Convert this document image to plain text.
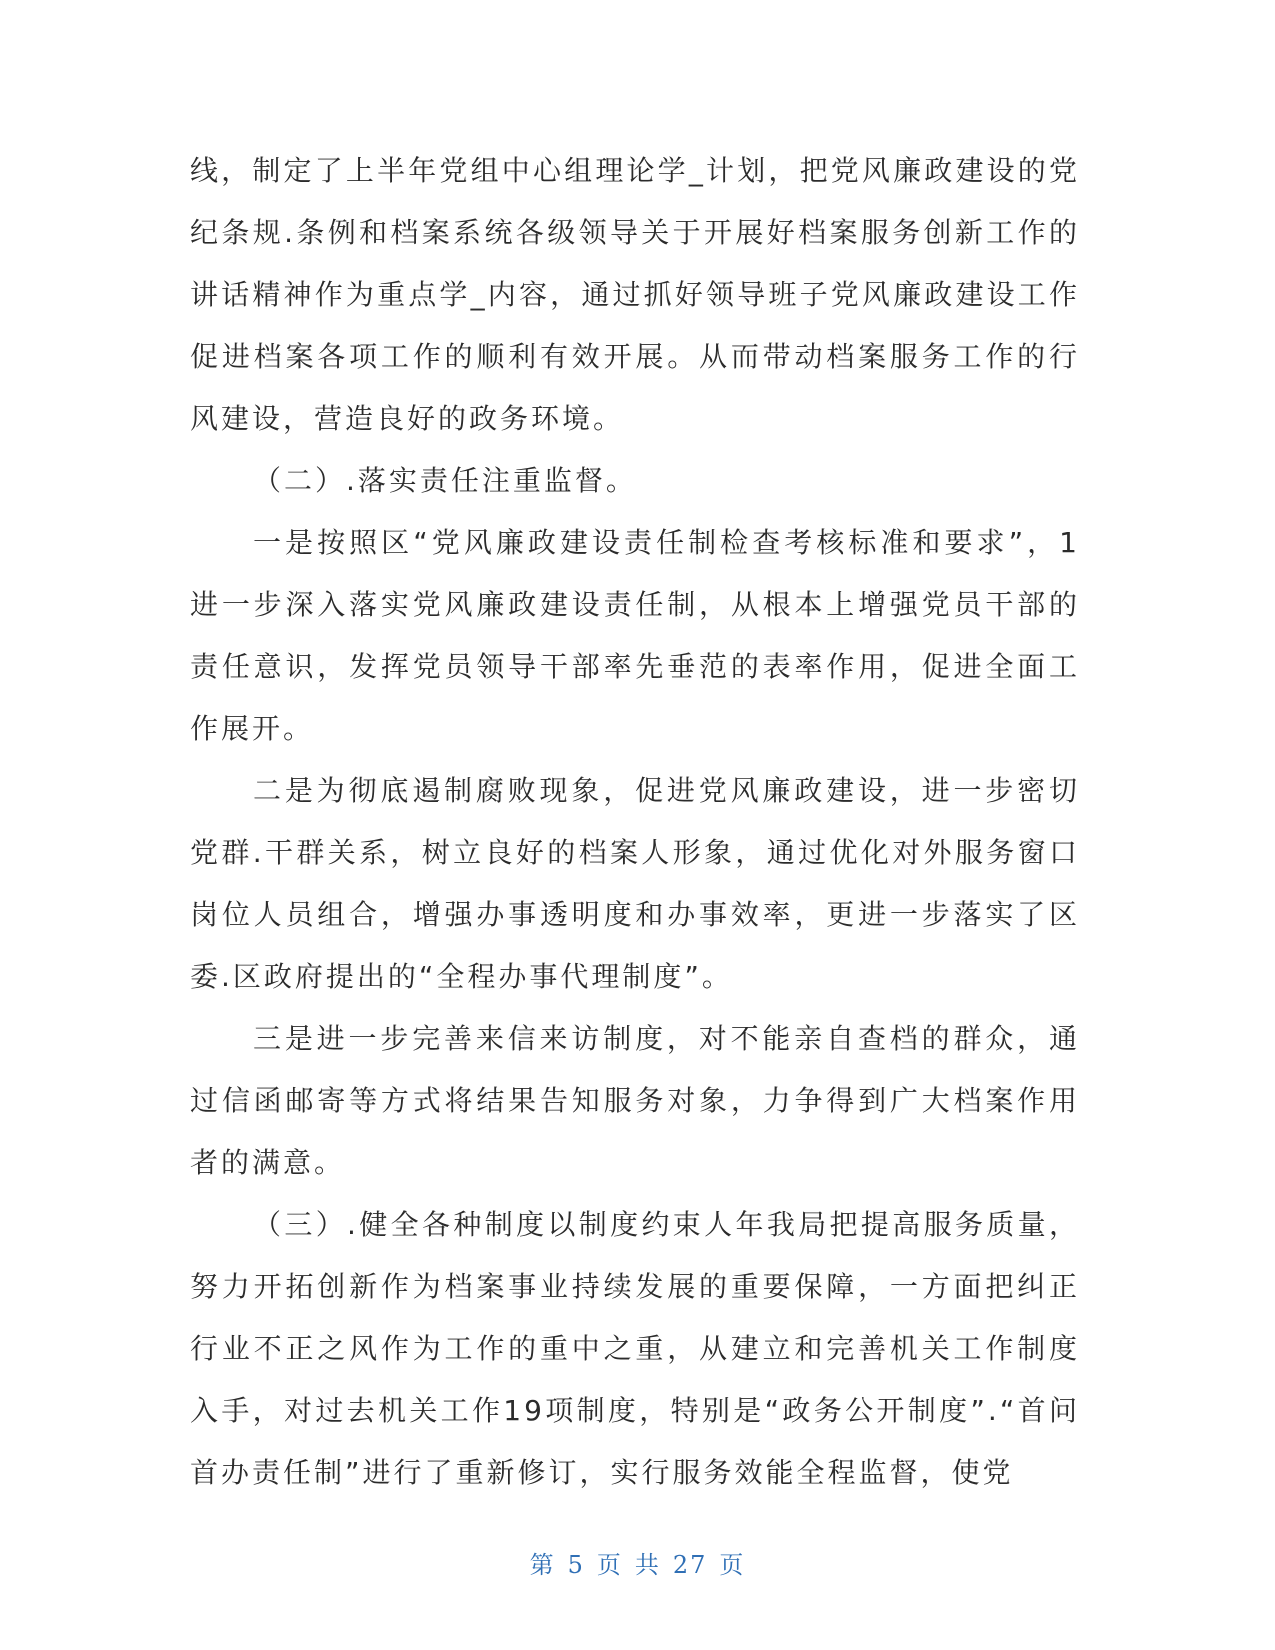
线，制定了上半年党组中心组理论学_计划，把党风廉政建设的党纪条规.条例和档案系统各级领导关于开展好档案服务创新工作的讲话精神作为重点学_内容，通过抓好领导班子党风廉政建设工作促进档案各项工作的顺利有效开展。从而带动档案服务工作的行风建设，营造良好的政务环境。

（二）.落实责任注重监督。

一是按照区“党风廉政建设责任制检查考核标准和要求”，1进一步深入落实党风廉政建设责任制，从根本上增强党员干部的责任意识，发挥党员领导干部率先垂范的表率作用，促进全面工作展开。

二是为彻底遏制腐败现象，促进党风廉政建设，进一步密切党群.干群关系，树立良好的档案人形象，通过优化对外服务窗口岗位人员组合，增强办事透明度和办事效率，更进一步落实了区委.区政府提出的“全程办事代理制度”。

三是进一步完善来信来访制度，对不能亲自查档的群众，通过信函邮寄等方式将结果告知服务对象，力争得到广大档案作用者的满意。

（三）.健全各种制度以制度约束人年我局把提高服务质量，努力开拓创新作为档案事业持续发展的重要保障，一方面把纠正行业不正之风作为工作的重中之重，从建立和完善机关工作制度入手，对过去机关工作19项制度，特别是“政务公开制度”.“首问首办责任制”进行了重新修订，实行服务效能全程监督，使党

第 5 页 共 27 页
